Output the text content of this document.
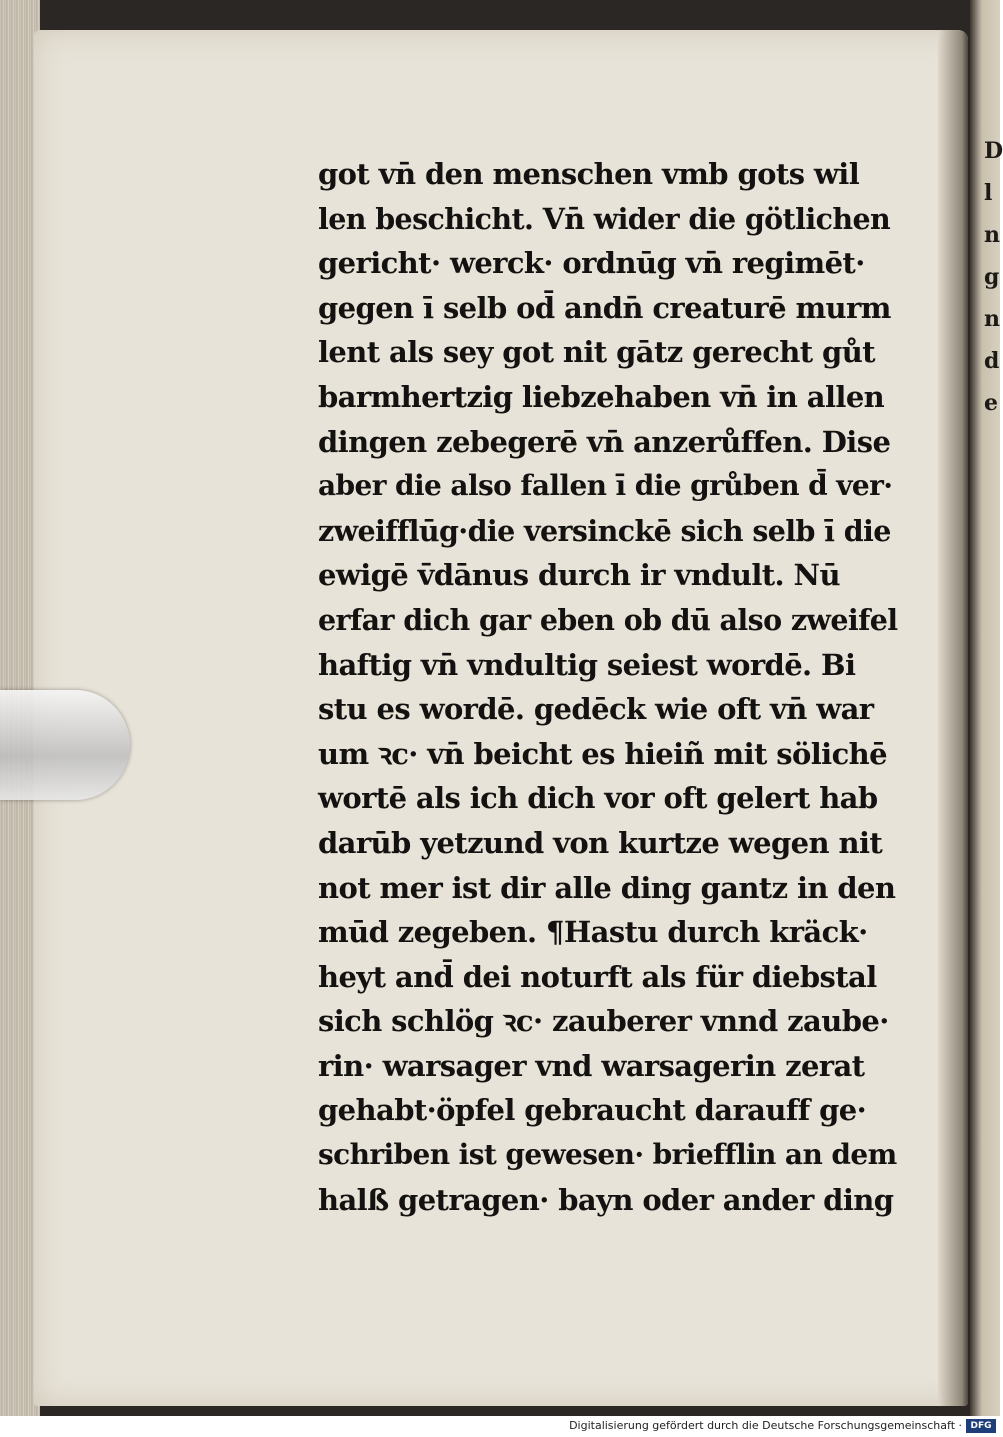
D
l
n
g
n
d
e
got vn̄ den menschen vmb gots wil
len beschicht. Vn̄ wider die götlichen
gericht· werck· ordnūg vn̄ regimēt·
gegen ī selb od̄ andn̄ creaturē murm
lent als sey got nit gātz gerecht gůt
barmhertzig liebzehaben vn̄ in allen
dingen zebegerē vn̄ anzerůffen. Dise
aber die also fallen ī die grůben d̄ ver·
zweifflūg·die versinckē sich selb ī die
ewigē v̄dānus durch ir vndult. Nū
erfar dich gar eben ob dū also zweifel
haftig vn̄ vndultig seiest wordē. Bi
stu es wordē. gedēck wie oft vn̄ war
um ꝛc· vn̄ beicht es hieiñ mit sölichē
wortē als ich dich vor oft gelert hab
darūb yetzund von kurtze wegen nit
not mer ist dir alle ding gantz in den
mūd zegeben. ¶Hastu durch kräck·
heyt and̄ dei noturft als für diebstal
sich schlög ꝛc· zauberer vnnd zaube·
rin· warsager vnd warsagerin zerat
gehabt·öpfel gebraucht darauff ge·
schriben ist gewesen· briefflin an dem
halß getragen· bayn oder ander ding
Digitalisierung gefördert durch die Deutsche Forschungsgemeinschaft · DFG
